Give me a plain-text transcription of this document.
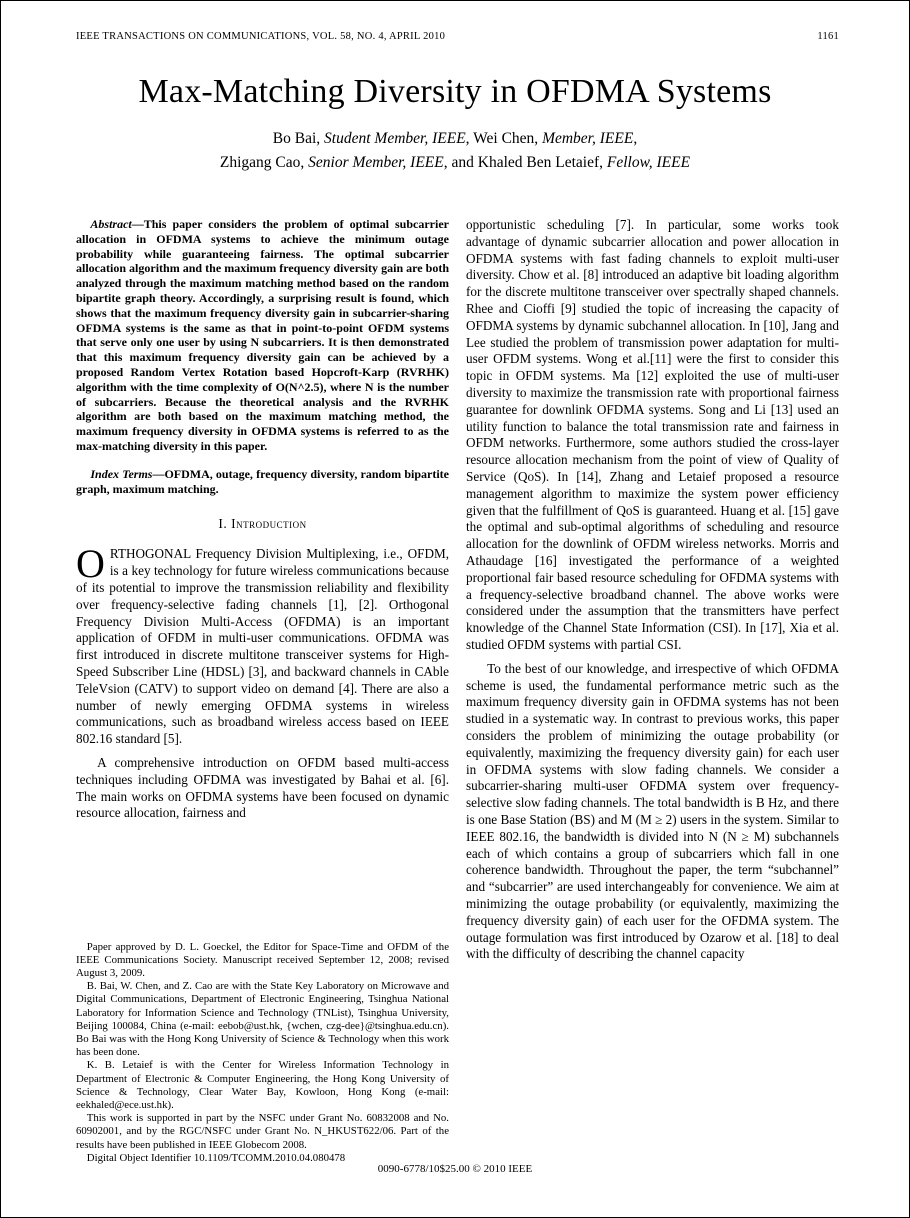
IEEE TRANSACTIONS ON COMMUNICATIONS, VOL. 58, NO. 4, APRIL 2010	1161
Max-Matching Diversity in OFDMA Systems
Bo Bai, Student Member, IEEE, Wei Chen, Member, IEEE,
Zhigang Cao, Senior Member, IEEE, and Khaled Ben Letaief, Fellow, IEEE

Abstract—This paper considers the problem of optimal subcarrier allocation in OFDMA systems to achieve the minimum outage probability while guaranteeing fairness. The optimal subcarrier allocation algorithm and the maximum frequency diversity gain are both analyzed through the maximum matching method based on the random bipartite graph theory. Accordingly, a surprising result is found, which shows that the maximum frequency diversity gain in subcarrier-sharing OFDMA systems is the same as that in point-to-point OFDM systems that serve only one user by using N subcarriers. It is then demonstrated that this maximum frequency diversity gain can be achieved by a proposed Random Vertex Rotation based Hopcroft-Karp (RVRHK) algorithm with the time complexity of O(N^2.5), where N is the number of subcarriers. Because the theoretical analysis and the RVRHK algorithm are both based on the maximum matching method, the maximum frequency diversity in OFDMA systems is referred to as the max-matching diversity in this paper.

Index Terms—OFDMA, outage, frequency diversity, random bipartite graph, maximum matching.

I. Introduction

ORTHOGONAL Frequency Division Multiplexing, i.e., OFDM, is a key technology for future wireless communications because of its potential to improve the transmission reliability and flexibility over frequency-selective fading channels [1], [2]. Orthogonal Frequency Division Multi-Access (OFDMA) is an important application of OFDM in multi-user communications. OFDMA was first introduced in discrete multitone transceiver systems for High-Speed Subscriber Line (HDSL) [3], and backward channels in CAble TeleVsion (CATV) to support video on demand [4]. There are also a number of newly emerging OFDMA systems in wireless communications, such as broadband wireless access based on IEEE 802.16 standard [5].

A comprehensive introduction on OFDM based multi-access techniques including OFDMA was investigated by Bahai et al. [6]. The main works on OFDMA systems have been focused on dynamic resource allocation, fairness and

Paper approved by D. L. Goeckel, the Editor for Space-Time and OFDM of the IEEE Communications Society. Manuscript received September 12, 2008; revised August 3, 2009.

B. Bai, W. Chen, and Z. Cao are with the State Key Laboratory on Microwave and Digital Communications, Department of Electronic Engineering, Tsinghua National Laboratory for Information Science and Technology (TNList), Tsinghua University, Beijing 100084, China (e-mail: eebob@ust.hk, {wchen, czg-dee}@tsinghua.edu.cn). Bo Bai was with the Hong Kong University of Science & Technology when this work has been done.

K. B. Letaief is with the Center for Wireless Information Technology in Department of Electronic & Computer Engineering, the Hong Kong University of Science & Technology, Clear Water Bay, Kowloon, Hong Kong (e-mail: eekhaled@ece.ust.hk).

This work is supported in part by the NSFC under Grant No. 60832008 and No. 60902001, and by the RGC/NSFC under Grant No. N_HKUST622/06. Part of the results have been published in IEEE Globecom 2008.

Digital Object Identifier 10.1109/TCOMM.2010.04.080478

opportunistic scheduling [7]. In particular, some works took advantage of dynamic subcarrier allocation and power allocation in OFDMA systems with fast fading channels to exploit multi-user diversity. Chow et al. [8] introduced an adaptive bit loading algorithm for the discrete multitone transceiver over spectrally shaped channels. Rhee and Cioffi [9] studied the topic of increasing the capacity of OFDMA systems by dynamic subchannel allocation. In [10], Jang and Lee studied the problem of transmission power adaptation for multi-user OFDM systems. Wong et al.[11] were the first to consider this topic in OFDM systems. Ma [12] exploited the use of multi-user diversity to maximize the transmission rate with proportional fairness guarantee for downlink OFDMA systems. Song and Li [13] used an utility function to balance the total transmission rate and fairness in OFDM networks. Furthermore, some authors studied the cross-layer resource allocation mechanism from the point of view of Quality of Service (QoS). In [14], Zhang and Letaief proposed a resource management algorithm to maximize the system power efficiency given that the fulfillment of QoS is guaranteed. Huang et al. [15] gave the optimal and sub-optimal algorithms of scheduling and resource allocation for the downlink of OFDM wireless networks. Morris and Athaudage [16] investigated the performance of a weighted proportional fair based resource scheduling for OFDMA systems with a frequency-selective broadband channel. The above works were considered under the assumption that the transmitters have perfect knowledge of the Channel State Information (CSI). In [17], Xia et al. studied OFDM systems with partial CSI.

To the best of our knowledge, and irrespective of which OFDMA scheme is used, the fundamental performance metric such as the maximum frequency diversity gain in OFDMA systems has not been studied in a systematic way. In contrast to previous works, this paper considers the problem of minimizing the outage probability (or equivalently, maximizing the frequency diversity gain) for each user in OFDMA systems with slow fading channels. We consider a subcarrier-sharing multi-user OFDMA system over frequency-selective slow fading channels. The total bandwidth is B Hz, and there is one Base Station (BS) and M (M ≥ 2) users in the system. Similar to IEEE 802.16, the bandwidth is divided into N (N ≥ M) subchannels each of which contains a group of subcarriers which fall in one coherence bandwidth. Throughout the paper, the term “subchannel” and “subcarrier” are used interchangeably for convenience. We aim at minimizing the outage probability (or equivalently, maximizing the frequency diversity gain) of each user for the OFDMA system. The outage formulation was first introduced by Ozarow et al. [18] to deal with the difficulty of describing the channel capacity

0090-6778/10$25.00 © 2010 IEEE
